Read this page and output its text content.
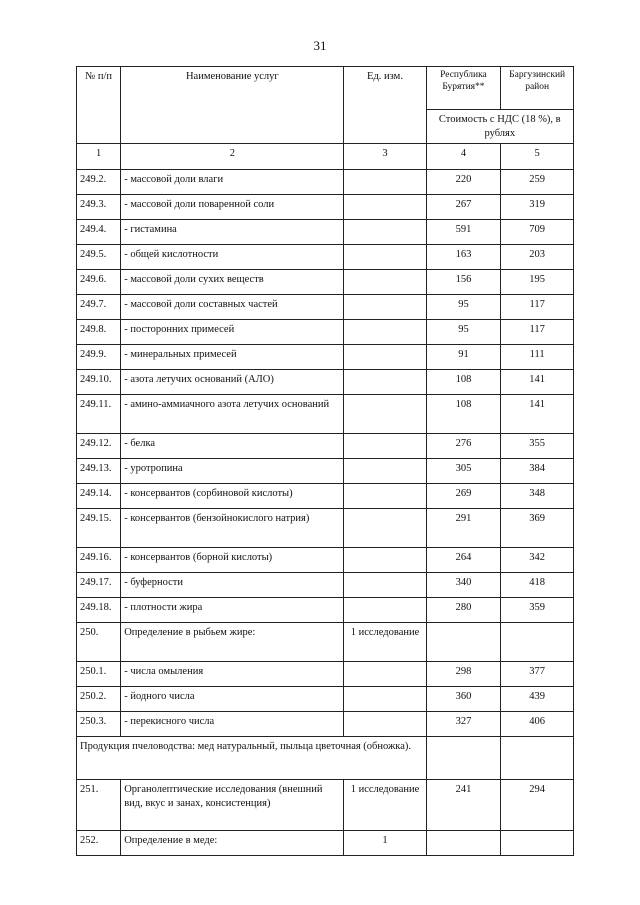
31
№ п/п	Наименование услуг	Ед. изм.	Республика Бурятия**	Баргузинский район
			Стоимость с НДС (18 %), в рублях	
1	2	3	4	5
249.2.	- массовой доли влаги		220	259
249.3.	- массовой доли поваренной соли		267	319
249.4.	- гистамина		591	709
249.5.	- общей кислотности		163	203
249.6.	- массовой доли сухих веществ		156	195
249.7.	- массовой доли составных частей		95	117
249.8.	- посторонних примесей		95	117
249.9.	- минеральных примесей		91	111
249.10.	- азота летучих оснований (АЛО)		108	141
249.11.	- амино-аммиачного азота летучих оснований		108	141
249.12.	- белка		276	355
249.13.	- уротропина		305	384
249.14.	- консервантов (сорбиновой кислоты)		269	348
249.15.	- консервантов (бензойнокислого натрия)		291	369
249.16.	- консервантов (борной кислоты)		264	342
249.17.	- буферности		340	418
249.18.	- плотности жира		280	359
250.	Определение в рыбьем жире:	1 исследование		
250.1.	- числа омыления		298	377
250.2.	- йодного числа		360	439
250.3.	- перекисного числа		327	406
Продукция пчеловодства: мед натуральный, пыльца цветочная (обножка).				
251.	Органолептические исследования (внешний вид, вкус и занах, консистенция)	1 исследование	241	294
252.	Определение в меде:	1		
